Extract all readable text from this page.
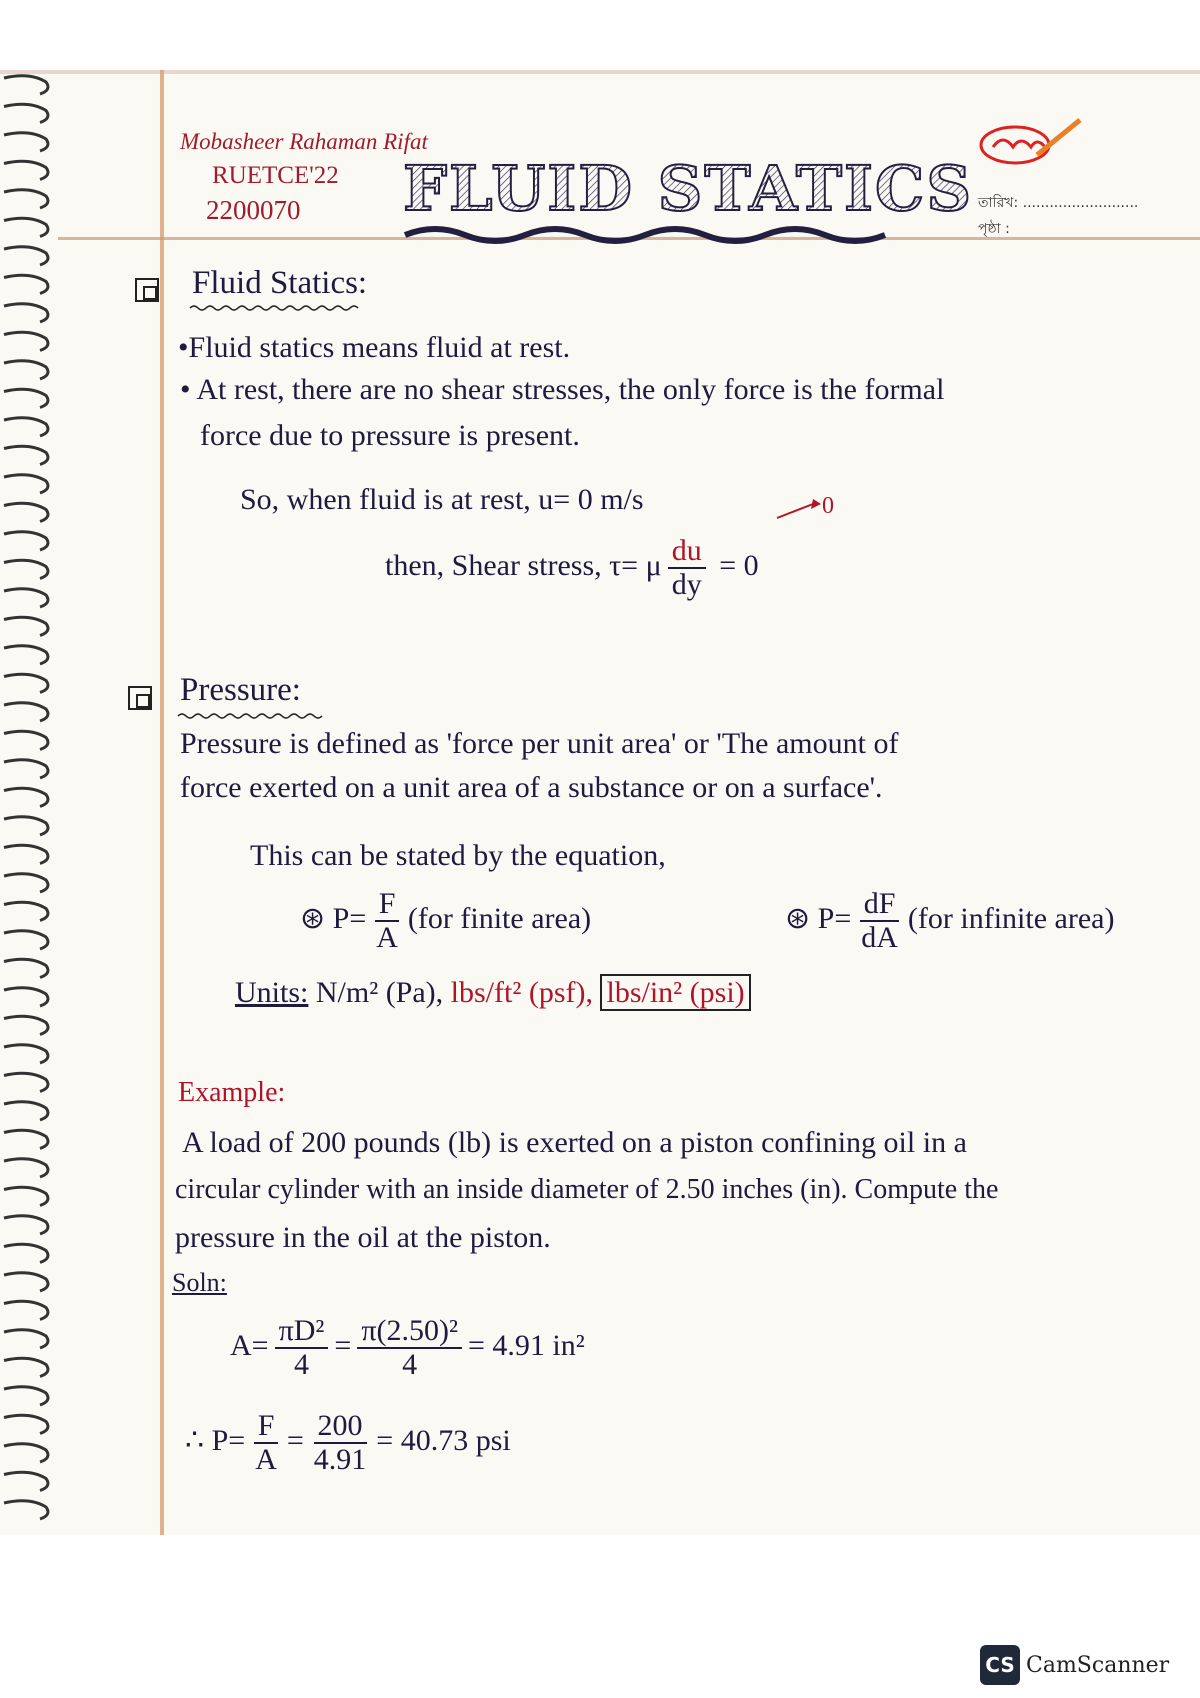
Mobasheer Rahaman Rifat
RUETCE'22
2200070	FLUID STATICS তারিখ: ..........................
পৃষ্ঠা :
Fluid Statics:
•Fluid statics means fluid at rest.
• At rest, there are no shear stresses, the only force is the formal
force due to pressure is present.
So, when fluid is at rest, u= 0 m/s
then, Shear stress, τ= μ $\frac{du}{dy} = 0$
0
Pressure:
Pressure is defined as 'force per unit area' or 'The amount of
force exerted on a unit area of a substance or on a surface'.
This can be stated by the equation,
⊛ $P= \frac{F}{A} (for$ finite area)	⊛ $P= \frac{dF}{dA} (for$ infinite area)
Units: N/m² (Pa), lbs/ft² (psf), lbs/in² (psi)
Example:
A load of 200 pounds (lb) is exerted on a piston confining oil in a
circular cylinder with an inside diameter of 2.50 inches (in). Compute the
pressure in the oil at the piston.
Soln:
$A= \frac{\text{πD²}}{4} = \frac{\text{π(2.50)²}}{4} = 4.91$ in²
∴ $P= \frac{F}{A} = \frac{200}{4.91} = 40.73$ psi
CS CamScanner
